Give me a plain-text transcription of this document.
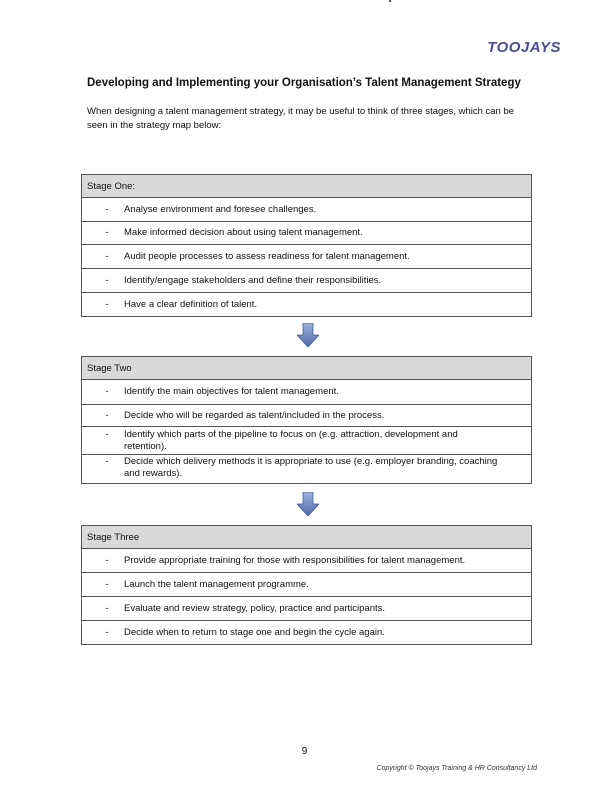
TOOJAYS
Developing and Implementing your Organisation’s Talent Management Strategy
When designing a talent management strategy, it may be useful to think of three stages, which can be seen in the strategy map below:
Stage One:
-	Analyse environment and foresee challenges.
-	Make informed decision about using talent management.
-	Audit people processes to assess readiness for talent management.
-	Identify/engage stakeholders and define their responsibilities.
-	Have a clear definition of talent.
Stage Two
-	Identify the main objectives for talent management.
-	Decide who will be regarded as talent/included in the process.
-	Identify which parts of the pipeline to focus on (e.g. attraction, development and retention).
-	Decide which delivery methods it is appropriate to use (e.g. employer branding, coaching and rewards).
Stage Three
-	Provide appropriate training for those with responsibilities for talent management.
-	Launch the talent management programme.
-	Evaluate and review strategy, policy, practice and participants.
-	Decide when to return to stage one and begin the cycle again.
9
Copyright © Toojays Training & HR Consultancy Ltd
